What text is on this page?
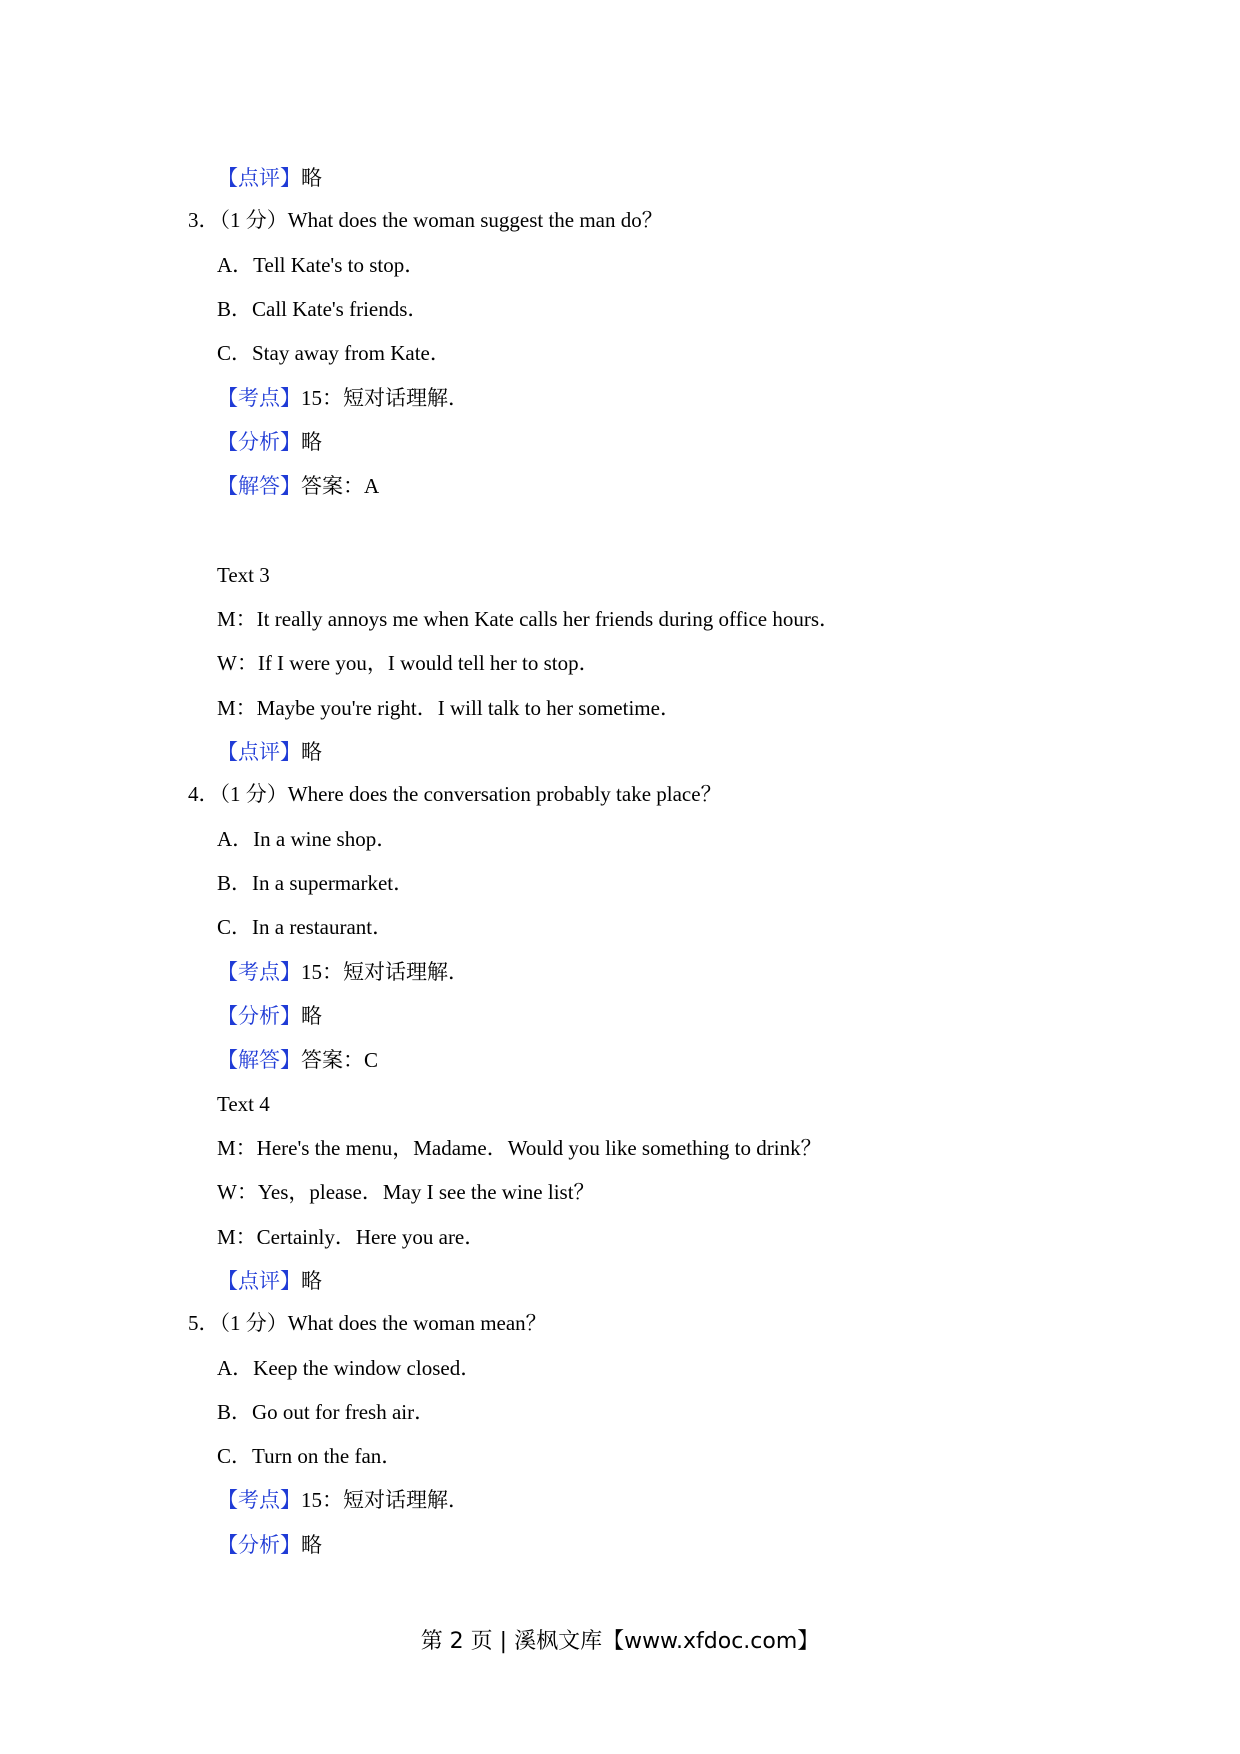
【点评】略
3．（1 分）What does the woman suggest the man do？
A．Tell Kate's to stop．
B．Call Kate's friends．
C．Stay away from Kate．
【考点】15：短对话理解．
【分析】略
【解答】答案：A
Text 3
M：It really annoys me when Kate calls her friends during office hours．
W：If I were you，I would tell her to stop．
M：Maybe you're right．I will talk to her sometime．
【点评】略
4．（1 分）Where does the conversation probably take place？
A．In a wine shop．
B．In a supermarket．
C．In a restaurant．
【考点】15：短对话理解．
【分析】略
【解答】答案：C
Text 4
M：Here's the menu，Madame．Would you like something to drink？
W：Yes，please．May I see the wine list？
M：Certainly．Here you are．
【点评】略
5．（1 分）What does the woman mean？
A．Keep the window closed．
B．Go out for fresh air．
C．Turn on the fan．
【考点】15：短对话理解．
【分析】略
第 2 页 | 溪枫文库【www.xfdoc.com】
